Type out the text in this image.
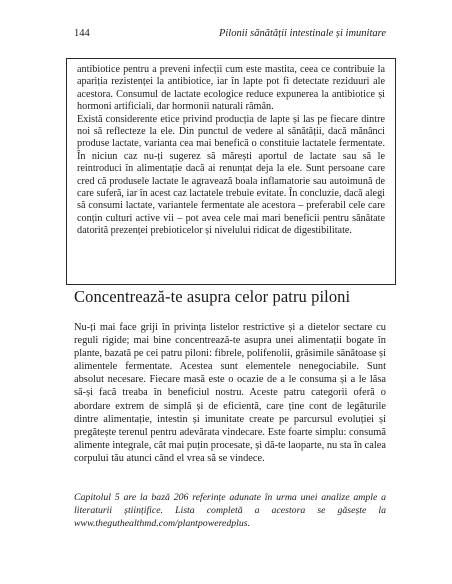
144	Pilonii sănătății intestinale și imunitare

antibiotice pentru a preveni infecții cum este mastita, ceea ce contribuie la apariția rezistenței la antibiotice, iar în lapte pot fi detectate reziduuri ale acestora. Consumul de lactate ecologice reduce expunerea la antibiotice și hormoni artificiali, dar hormonii naturali rămân.

Există considerente etice privind producția de lapte și las pe fiecare dintre noi să reflecteze la ele. Din punctul de vedere al sănătății, dacă mănânci produse lactate, varianta cea mai benefică o constituie lactatele fermentate. În niciun caz nu-ți sugerez să mărești aportul de lactate sau să le reintroduci în alimentație dacă ai renunțat deja la ele. Sunt persoane care cred că produsele lactate le agravează boala inflamatorie sau autoimună de care suferă, iar în acest caz lactatele trebuie evitate. În concluzie, dacă alegi să consumi lactate, variantele fermentate ale acestora – preferabil cele care conțin culturi active vii – pot avea cele mai mari beneficii pentru sănătate datorită prezenței prebioticelor și nivelului ridicat de digestibilitate.

Concentrează-te asupra celor patru piloni

Nu-ți mai face griji în privința listelor restrictive și a dietelor sectare cu reguli rigide; mai bine concentrează-te asupra unei alimentații bogate în plante, bazată pe cei patru piloni: fibrele, polifenolii, grăsimile sănătoase și alimentele fermentate. Acestea sunt elementele nenegociabile. Sunt absolut necesare. Fiecare masă este o ocazie de a le consuma și a le lăsa să-și facă treaba în beneficiul nostru. Aceste patru categorii oferă o abordare extrem de simplă și de eficientă, care ține cont de legăturile dintre alimentație, intestin și imunitate create pe parcursul evoluției și pregătește terenul pentru adevărata vindecare. Este foarte simplu: consumă alimente integrale, cât mai puțin procesate, și dă-te laoparte, nu sta în calea corpului tău atunci când el vrea să se vindece.

Capitolul 5 are la bază 206 referințe adunate în urma unei analize ample a literaturii științifice. Lista completă a acestora se găsește la www.theguthealthmd.com/plantpoweredplus.
